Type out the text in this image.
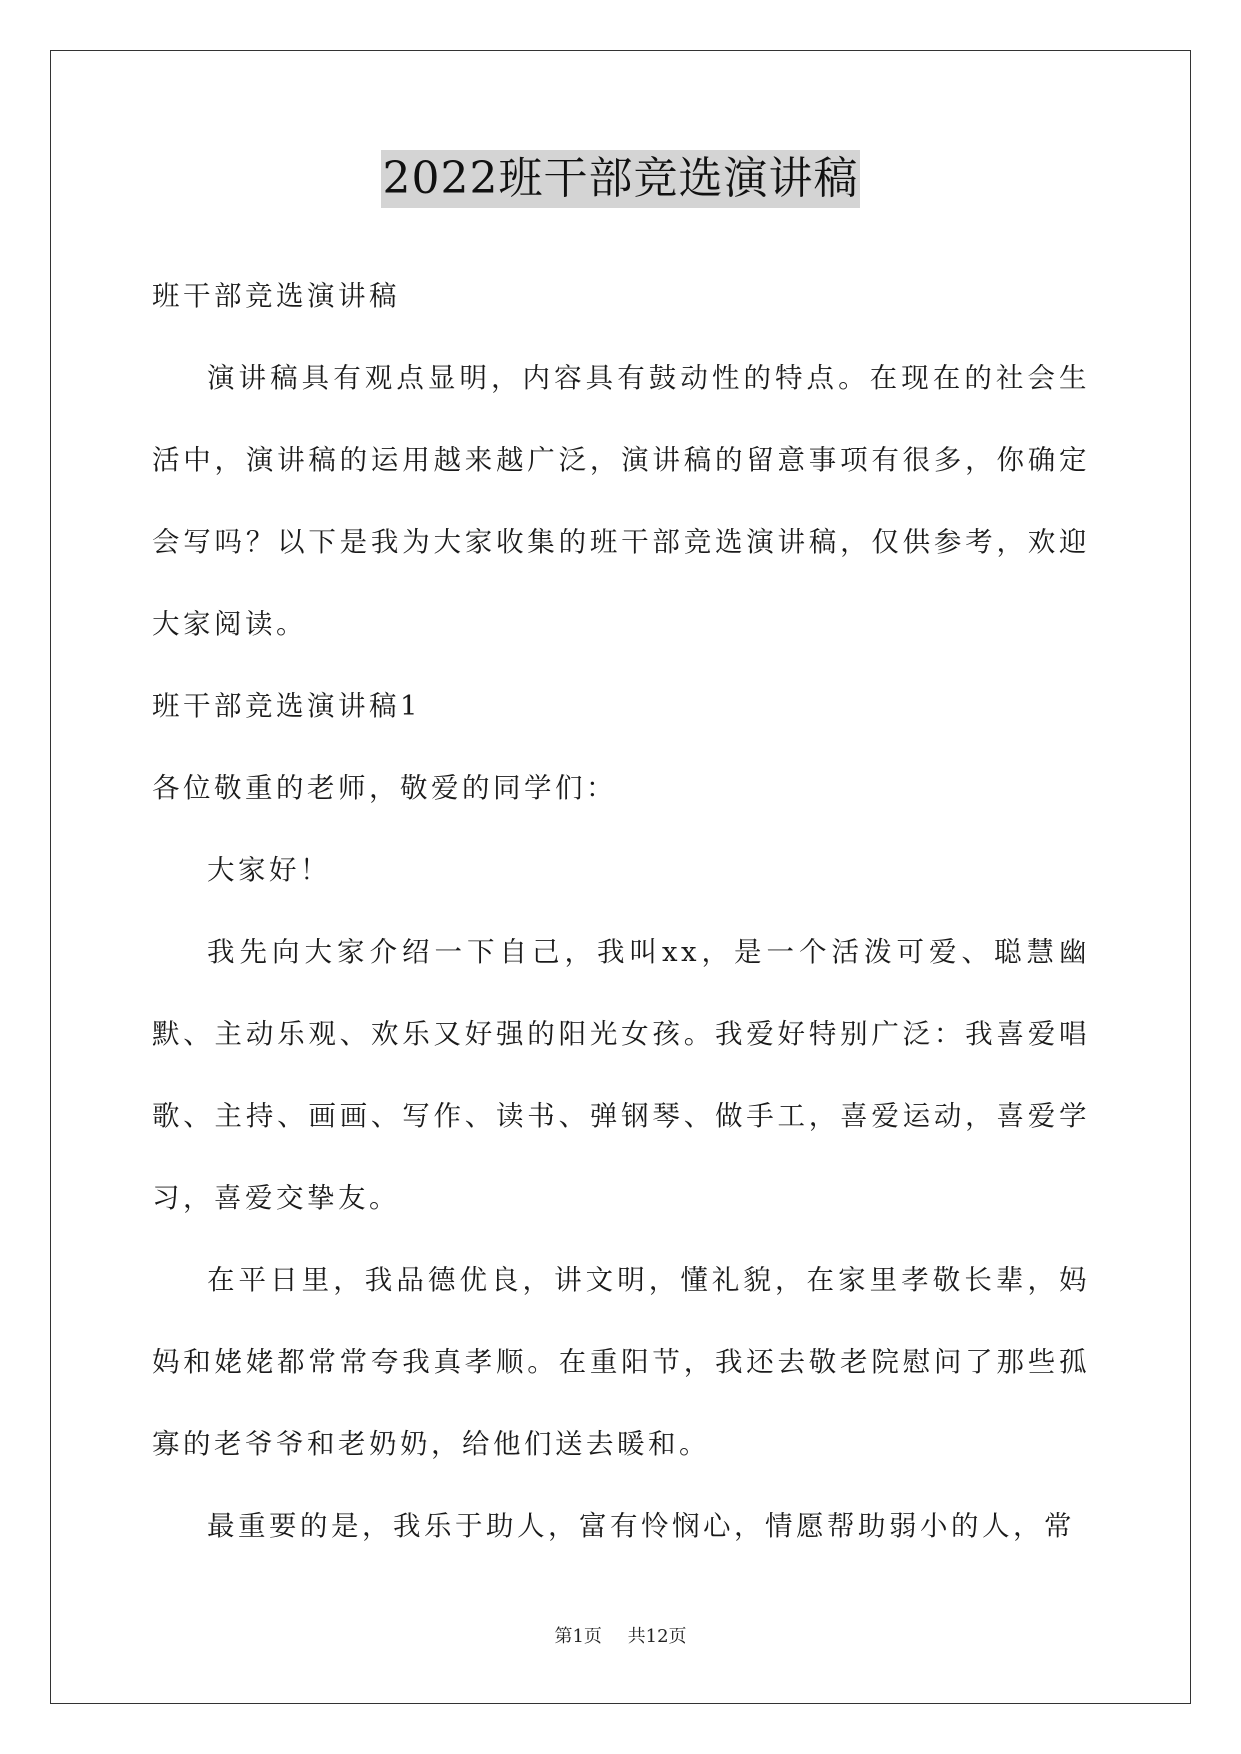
2022班干部竞选演讲稿

班干部竞选演讲稿

演讲稿具有观点显明，内容具有鼓动性的特点。在现在的社会生活中，演讲稿的运用越来越广泛，演讲稿的留意事项有很多，你确定会写吗？以下是我为大家收集的班干部竞选演讲稿，仅供参考，欢迎大家阅读。

班干部竞选演讲稿1

各位敬重的老师，敬爱的同学们：

大家好！

我先向大家介绍一下自己，我叫xx，是一个活泼可爱、聪慧幽默、主动乐观、欢乐又好强的阳光女孩。我爱好特别广泛：我喜爱唱歌、主持、画画、写作、读书、弹钢琴、做手工，喜爱运动，喜爱学习，喜爱交挚友。

在平日里，我品德优良，讲文明，懂礼貌，在家里孝敬长辈，妈妈和姥姥都常常夸我真孝顺。在重阳节，我还去敬老院慰问了那些孤寡的老爷爷和老奶奶，给他们送去暖和。

最重要的是，我乐于助人，富有怜悯心，情愿帮助弱小的人，常

第1页 共12页
